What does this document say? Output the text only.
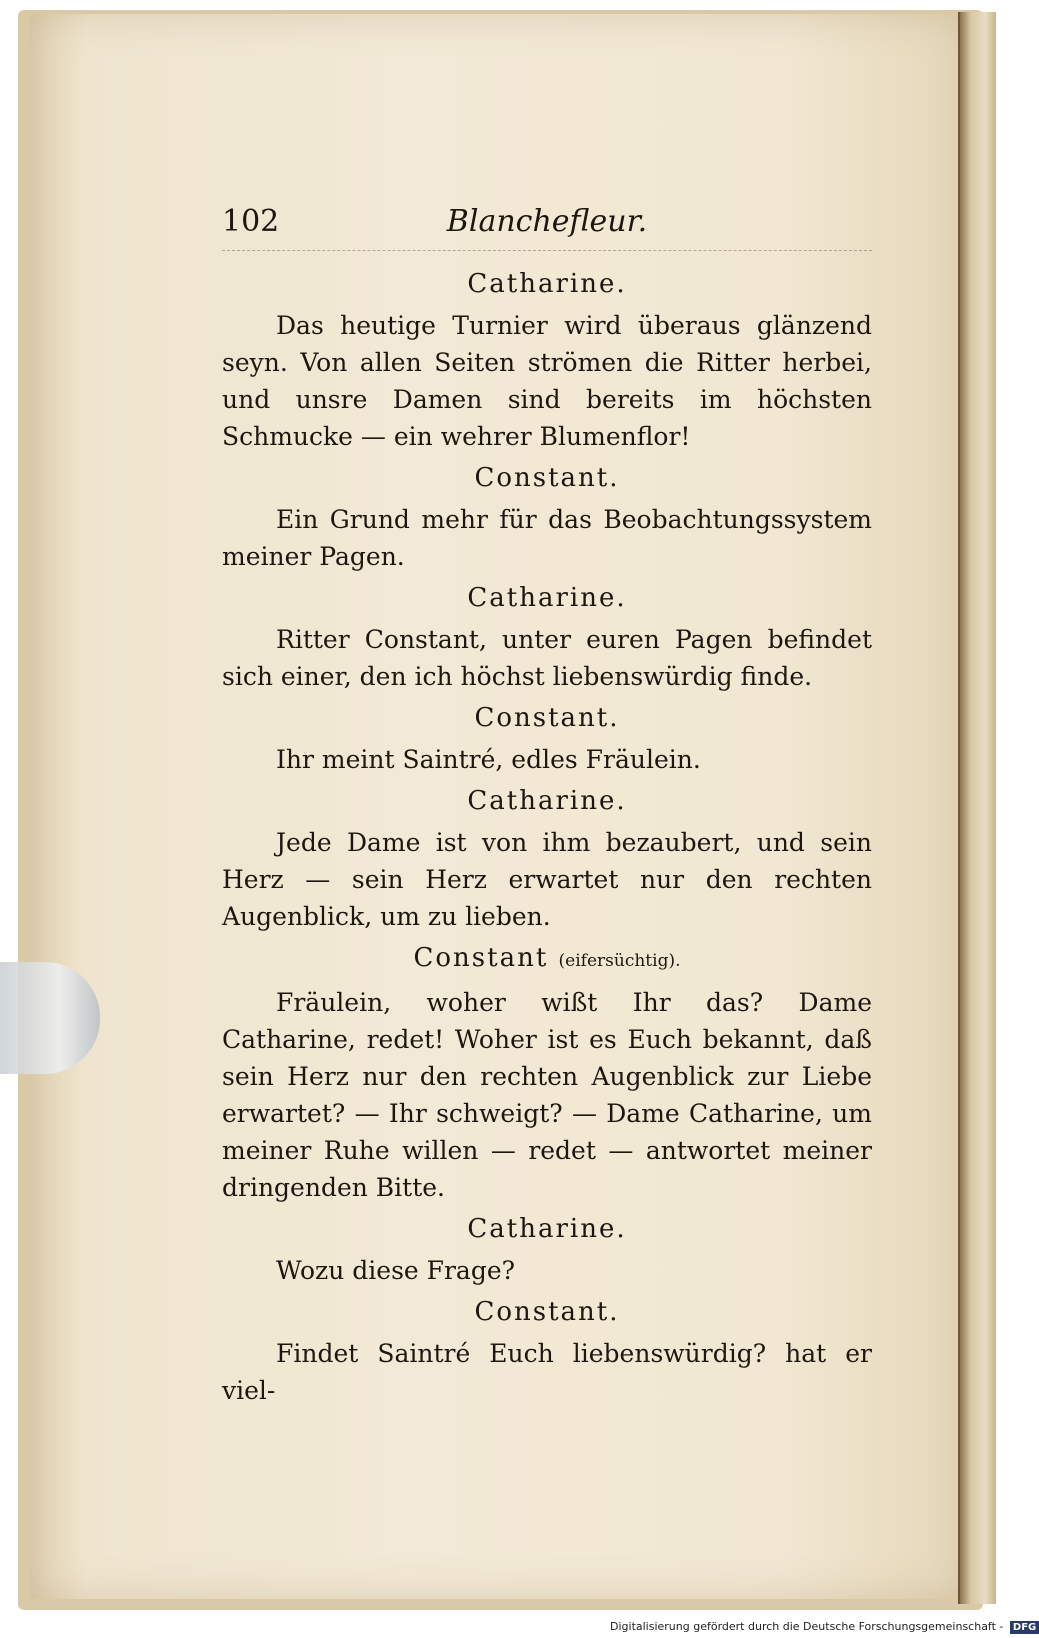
102	Blanchefleur.
Catharine.

Das heutige Turnier wird überaus glänzend seyn. Von allen Seiten strömen die Ritter herbei, und unsre Damen sind bereits im höchsten Schmucke — ein wehrer Blumenflor!

Constant.

Ein Grund mehr für das Beobachtungssystem meiner Pagen.

Catharine.

Ritter Constant, unter euren Pagen befindet sich einer, den ich höchst liebenswürdig finde.

Constant.

Ihr meint Saintré, edles Fräulein.

Catharine.

Jede Dame ist von ihm bezaubert, und sein Herz — sein Herz erwartet nur den rechten Augenblick, um zu lieben.

Constant (eifersüchtig).

Fräulein, woher wißt Ihr das? Dame Catharine, redet! Woher ist es Euch bekannt, daß sein Herz nur den rechten Augenblick zur Liebe erwartet? — Ihr schweigt? — Dame Catharine, um meiner Ruhe willen — redet — antwortet meiner dringenden Bitte.

Catharine.

Wozu diese Frage?

Constant.

Findet Saintré Euch liebenswürdig? hat er viel-

Digitalisierung gefördert durch die Deutsche Forschungsgemeinschaft - DFG
